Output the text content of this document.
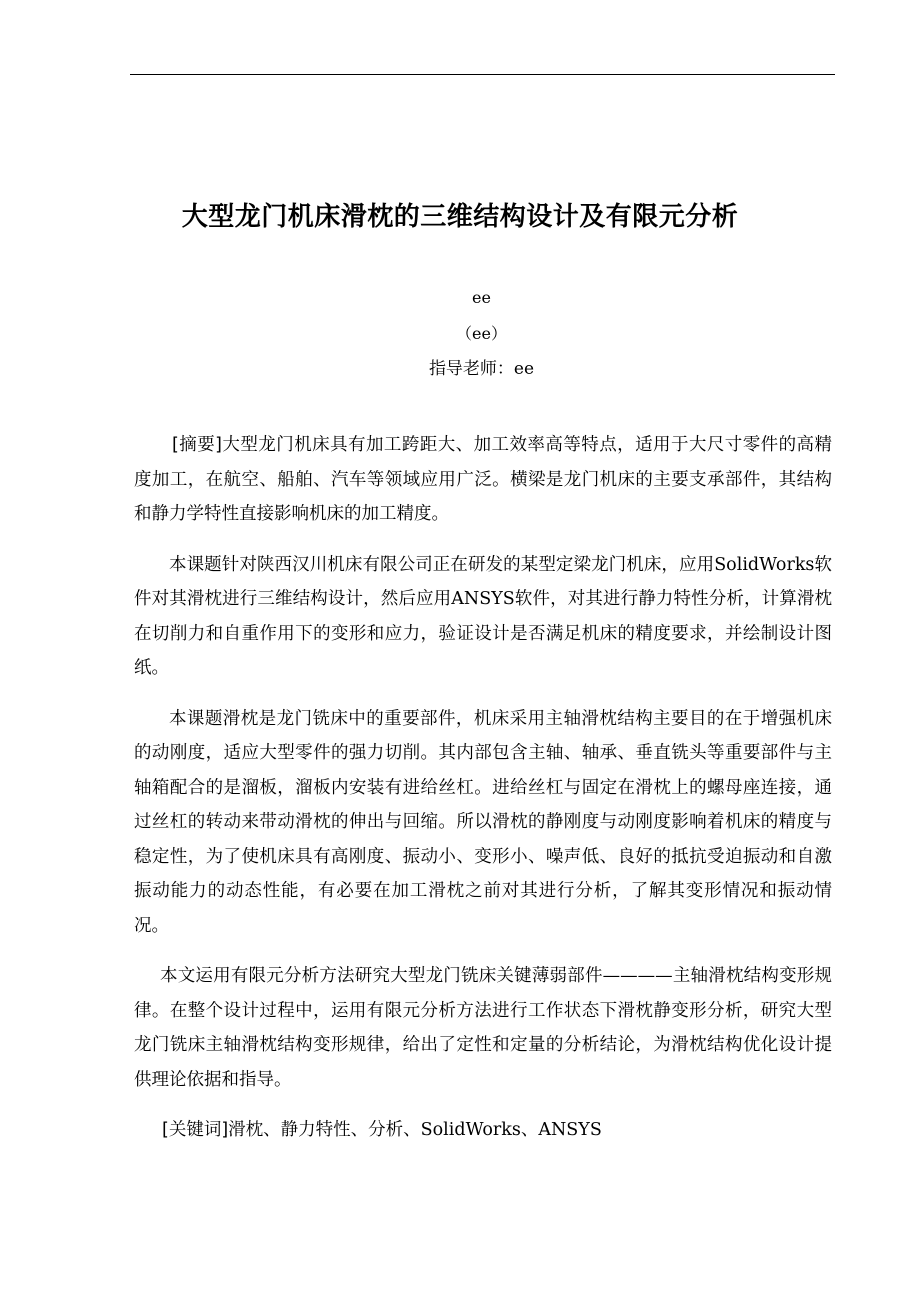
大型龙门机床滑枕的三维结构设计及有限元分析
ee
（ee）
指导老师：ee

[摘要]大型龙门机床具有加工跨距大、加工效率高等特点，适用于大尺寸零件的高精度加工，在航空、船舶、汽车等领域应用广泛。横梁是龙门机床的主要支承部件，其结构和静力学特性直接影响机床的加工精度。

本课题针对陕西汉川机床有限公司正在研发的某型定梁龙门机床，应用SolidWorks软件对其滑枕进行三维结构设计，然后应用ANSYS软件，对其进行静力特性分析，计算滑枕在切削力和自重作用下的变形和应力，验证设计是否满足机床的精度要求，并绘制设计图纸。

本课题滑枕是龙门铣床中的重要部件，机床采用主轴滑枕结构主要目的在于增强机床的动刚度，适应大型零件的强力切削。其内部包含主轴、轴承、垂直铣头等重要部件与主轴箱配合的是溜板，溜板内安装有进给丝杠。进给丝杠与固定在滑枕上的螺母座连接，通过丝杠的转动来带动滑枕的伸出与回缩。所以滑枕的静刚度与动刚度影响着机床的精度与稳定性，为了使机床具有高刚度、振动小、变形小、噪声低、良好的抵抗受迫振动和自激振动能力的动态性能，有必要在加工滑枕之前对其进行分析，了解其变形情况和振动情况。

本文运用有限元分析方法研究大型龙门铣床关键薄弱部件————主轴滑枕结构变形规律。在整个设计过程中，运用有限元分析方法进行工作状态下滑枕静变形分析，研究大型龙门铣床主轴滑枕结构变形规律，给出了定性和定量的分析结论，为滑枕结构优化设计提供理论依据和指导。

[关键词]滑枕、静力特性、分析、SolidWorks、ANSYS
